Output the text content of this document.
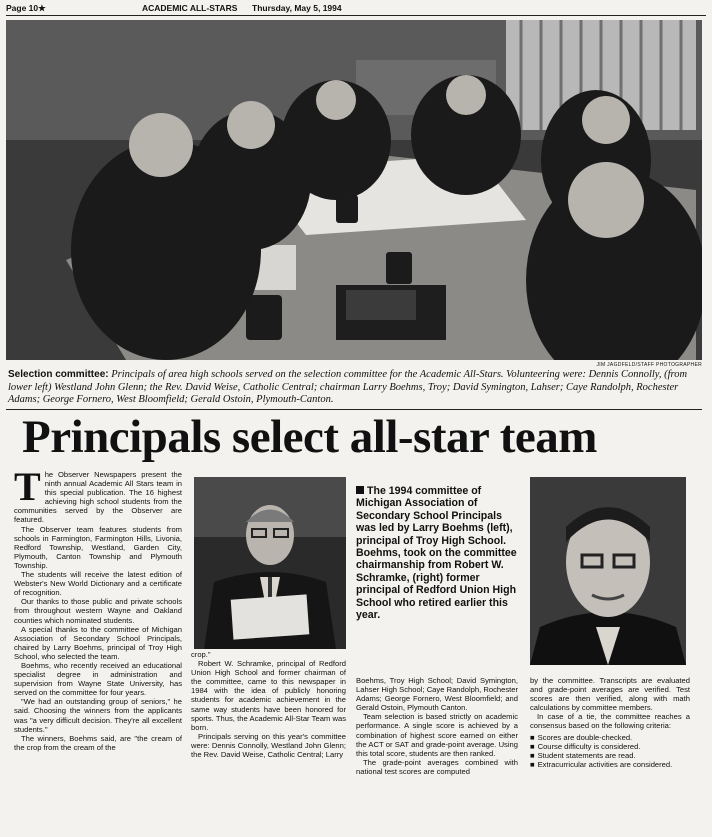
Page 10★	ACADEMIC ALL-STARS Thursday, May 5, 1994
JIM JAGDFELD/STAFF PHOTOGRAPHER
Selection committee: Principals of area high schools served on the selection committee for the Academic All-Stars. Volunteering were: Dennis Connolly, (from lower left) Westland John Glenn; the Rev. David Weise, Catholic Central; chairman Larry Boehms, Troy; David Symington, Lahser; Caye Randolph, Rochester Adams; George Fornero, West Bloomfield; Gerald Ostoin, Plymouth-Canton.
Principals select all-star team

The Observer Newspapers present the ninth annual Academic All Stars team in this special publication. The 16 highest achieving high school students from the communities served by the Observer are featured.

The Observer team features students from schools in Farmington, Farmington Hills, Livonia, Redford Township, Westland, Garden City, Plymouth, Canton Township and Plymouth Township.

The students will receive the latest edition of Webster's New World Dictionary and a certificate of recognition.

Our thanks to those public and private schools from throughout western Wayne and Oakland counties which nominated students.

A special thanks to the committee of Michigan Association of Secondary School Principals, chaired by Larry Boehms, principal of Troy High School, who selected the team.

Boehms, who recently received an educational specialist degree in administration and supervision from Wayne State University, has served on the committee for four years.

"We had an outstanding group of seniors," he said. Choosing the winners from the applicants was "a very difficult decision. They're all excellent students."

The winners, Boehms said, are "the cream of the crop from the cream of the

crop."

Robert W. Schramke, principal of Redford Union High School and former chairman of the committee, came to this newspaper in 1984 with the idea of publicly honoring students for academic achievement in the same way students have been honored for sports. Thus, the Academic All-Star Team was born.

Principals serving on this year's committee were: Dennis Connolly, Westland John Glenn; the Rev. David Weise, Catholic Central; Larry

The 1994 committee of Michigan Association of Secondary School Principals was led by Larry Boehms (left), principal of Troy High School. Boehms, took on the committee chairmanship from Robert W. Schramke, (right) former principal of Redford Union High School who retired earlier this year.

Boehms, Troy High School; David Symington, Lahser High School; Caye Randolph, Rochester Adams; George Fornero, West Bloomfield; and Gerald Ostoin, Plymouth Canton.

Team selection is based strictly on academic performance. A single score is achieved by a combination of highest score earned on either the ACT or SAT and grade-point average. Using this total score, students are then ranked.

The grade-point averages combined with national test scores are computed

by the committee. Transcripts are evaluated and grade-point averages are verified. Test scores are then verified, along with math calculations by committee members.

In case of a tie, the committee reaches a consensus based on the following criteria:

■ Scores are double-checked.
■ Course difficulty is considered.
■ Student statements are read.
■ Extracurricular activities are considered.
